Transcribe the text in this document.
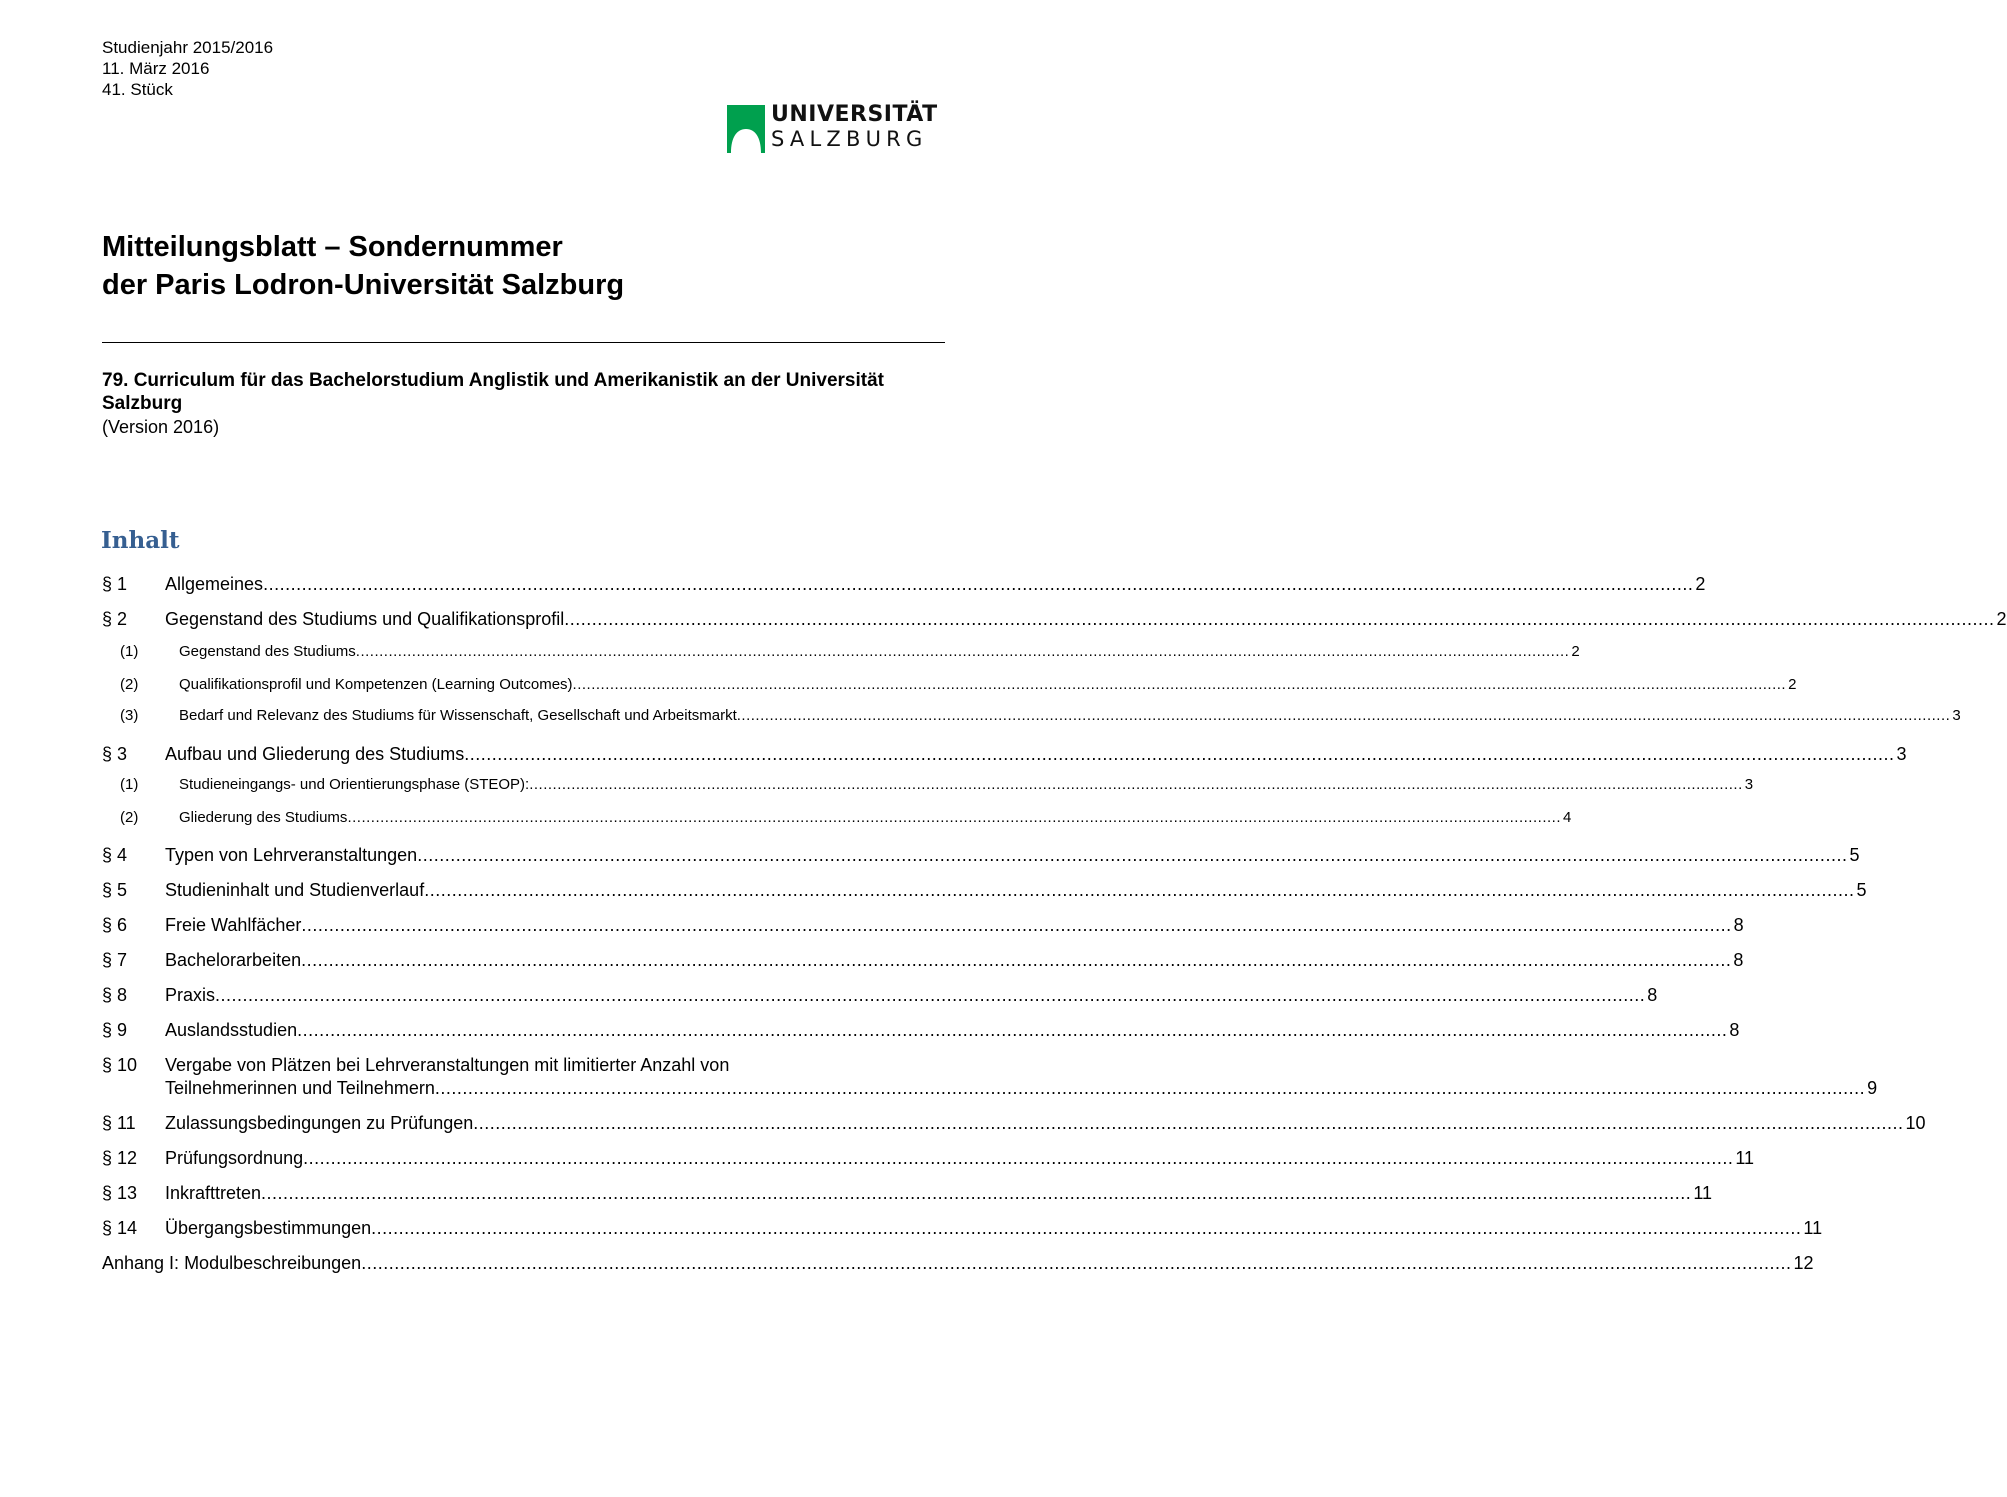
Studienjahr 2015/2016
11. März 2016
41. Stück
UNIVERSITÄT
SALZBURG
Mitteilungsblatt – Sondernummer
der Paris Lodron-Universität Salzburg
79. Curriculum für das Bachelorstudium Anglistik und Amerikanistik an der Universität Salzburg
(Version 2016)
Inhalt
§ 1 Allgemeines .................................................................................................................................................................................................................................................................... 2
§ 2 Gegenstand des Studiums und Qualifikationsprofil .................................................................................................................................................................................................................................................................... 2
(1)	Gegenstand des Studiums .................................................................................................................................................................................................................................................................... 2
(2)	Qualifikationsprofil und Kompetenzen (Learning Outcomes) .................................................................................................................................................................................................................................................................... 2
(3)	Bedarf und Relevanz des Studiums für Wissenschaft, Gesellschaft und Arbeitsmarkt .................................................................................................................................................................................................................................................................... 3
§ 3 Aufbau und Gliederung des Studiums .................................................................................................................................................................................................................................................................... 3
(1)	Studieneingangs- und Orientierungsphase (STEOP): .................................................................................................................................................................................................................................................................... 3
(2)	Gliederung des Studiums .................................................................................................................................................................................................................................................................... 4
§ 4 Typen von Lehrveranstaltungen .................................................................................................................................................................................................................................................................... 5
§ 5 Studieninhalt und Studienverlauf .................................................................................................................................................................................................................................................................... 5
§ 6 Freie Wahlfächer .................................................................................................................................................................................................................................................................... 8
§ 7 Bachelorarbeiten .................................................................................................................................................................................................................................................................... 8
§ 8 Praxis .................................................................................................................................................................................................................................................................... 8
§ 9 Auslandsstudien .................................................................................................................................................................................................................................................................... 8
§ 10 Vergabe von Plätzen bei Lehrveranstaltungen mit limitierter Anzahl von
Teilnehmerinnen und Teilnehmern .................................................................................................................................................................................................................................................................... 9
§ 11 Zulassungsbedingungen zu Prüfungen .................................................................................................................................................................................................................................................................... 10
§ 12 Prüfungsordnung .................................................................................................................................................................................................................................................................... 11
§ 13 Inkrafttreten .................................................................................................................................................................................................................................................................... 11
§ 14 Übergangsbestimmungen .................................................................................................................................................................................................................................................................... 11
Anhang I: Modulbeschreibungen .................................................................................................................................................................................................................................................................... 12
